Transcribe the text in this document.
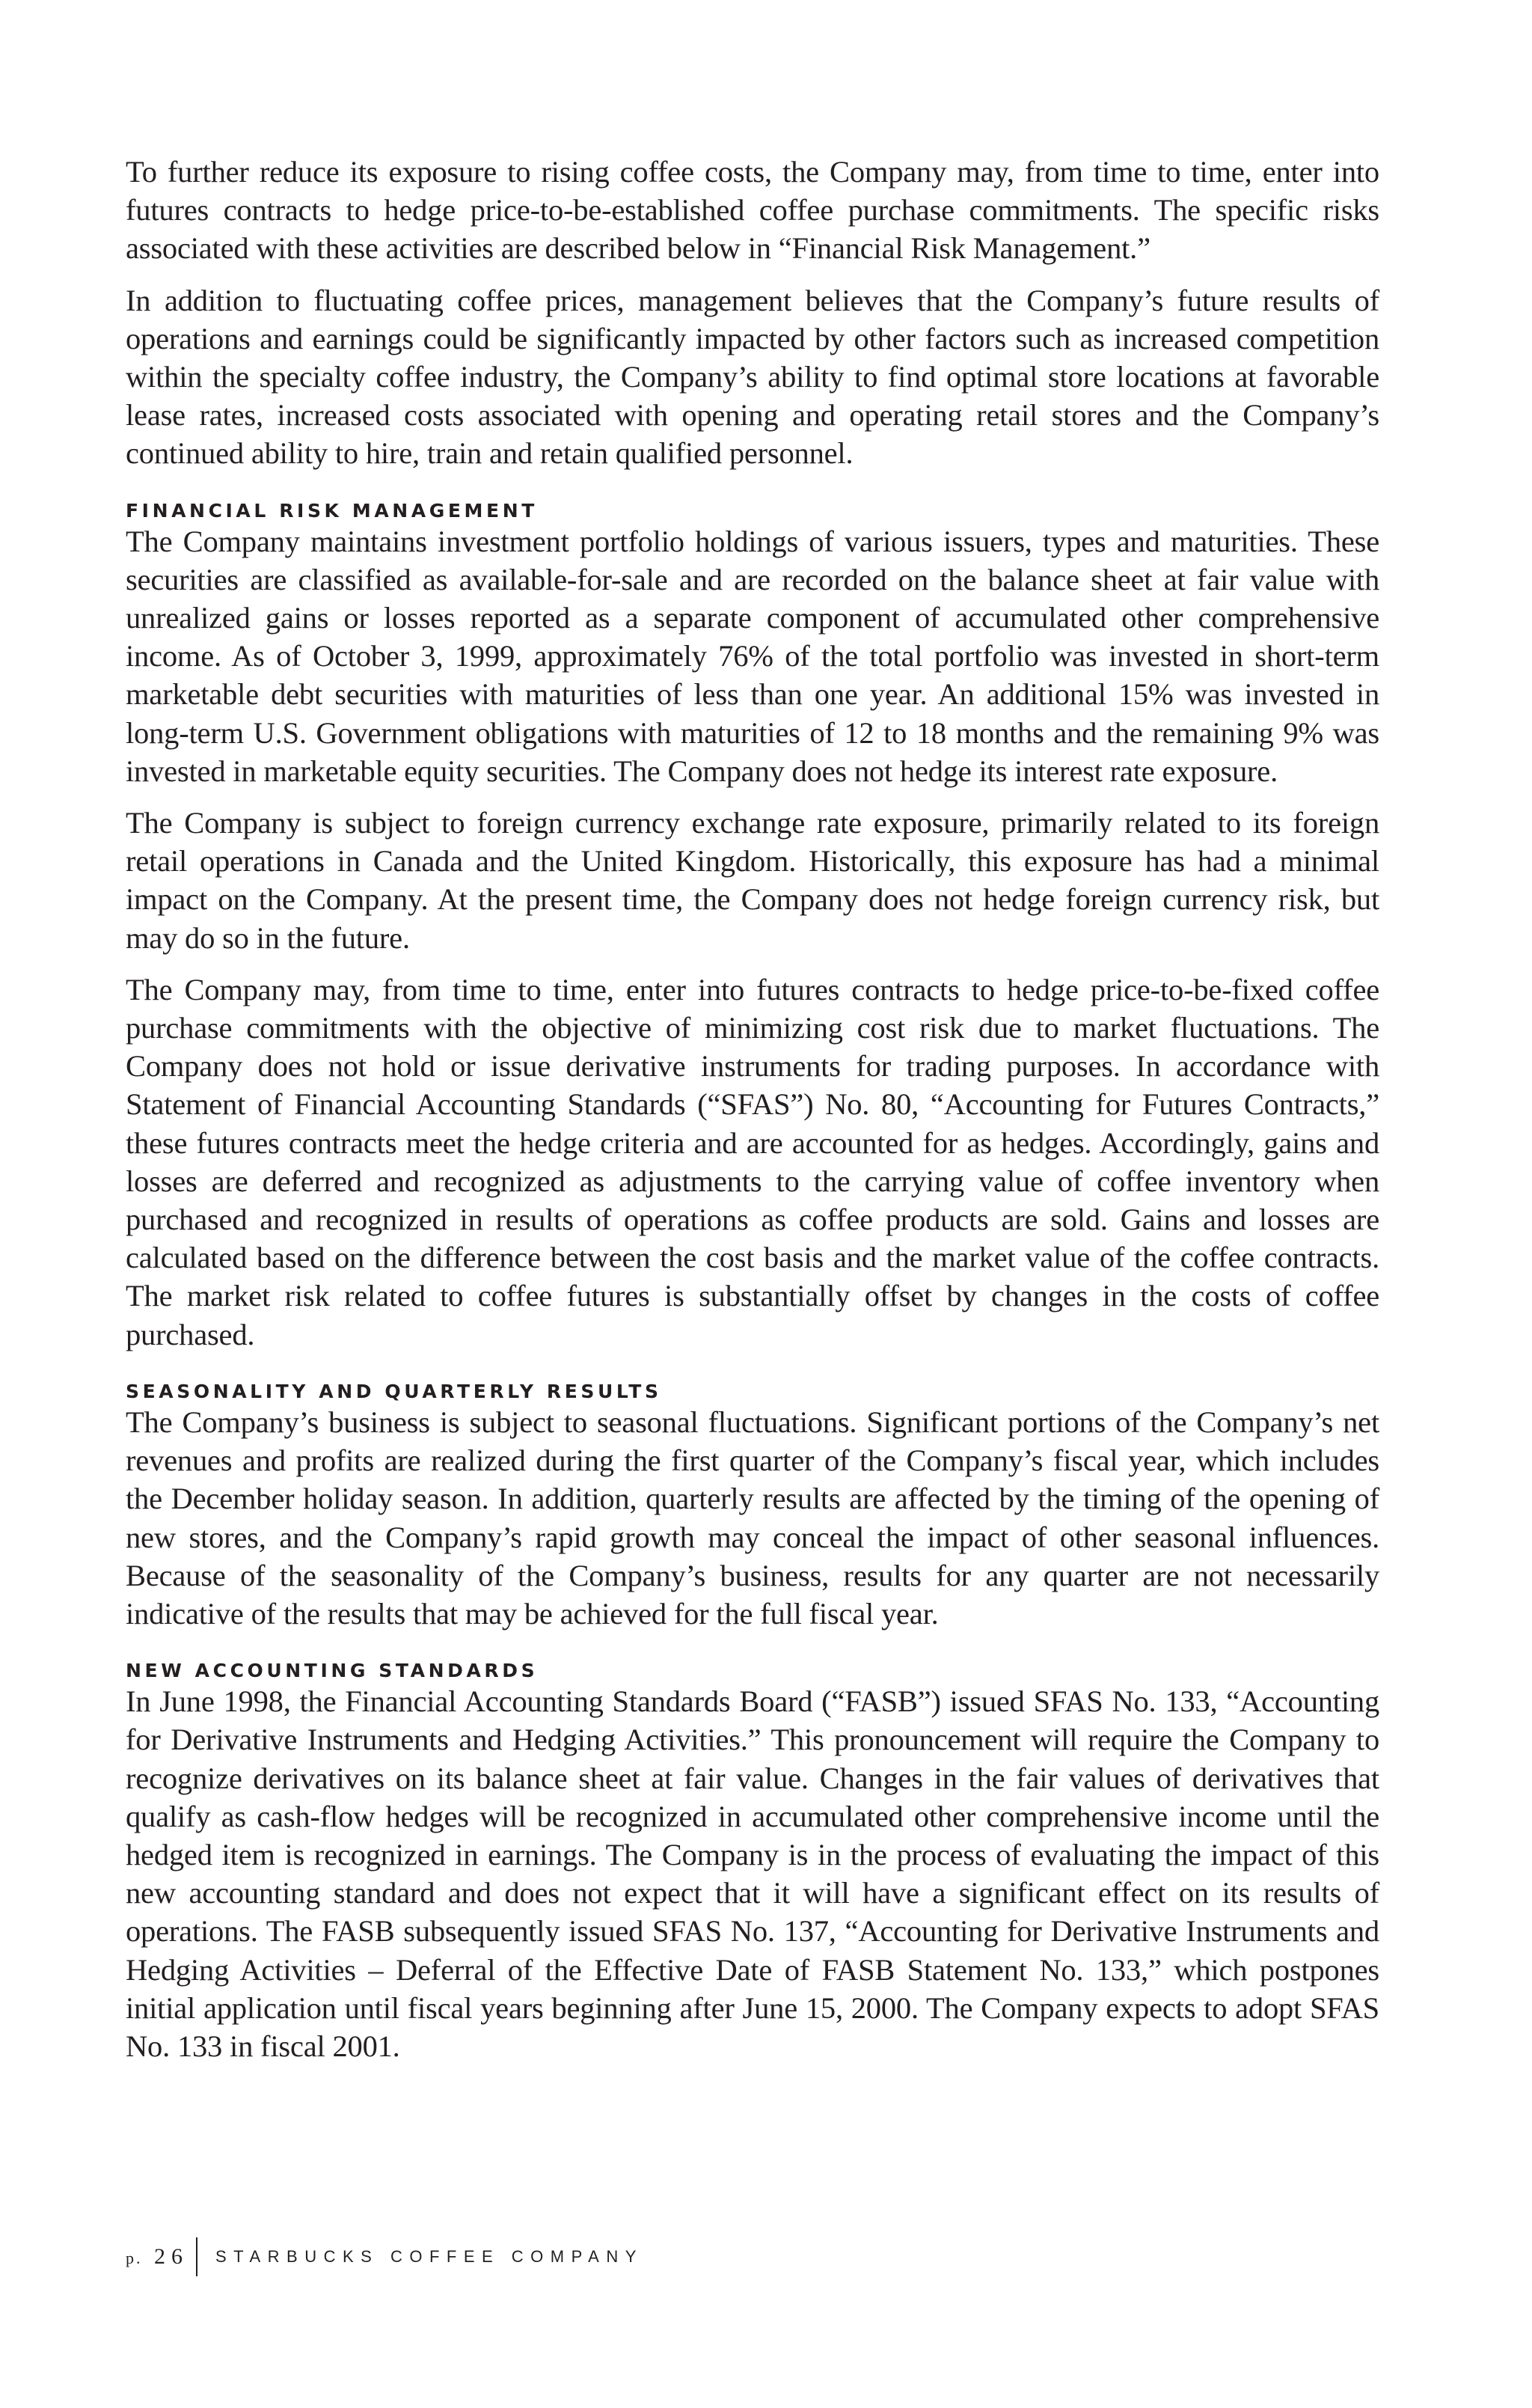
To further reduce its exposure to rising coffee costs, the Company may, from time to time, enter into futures contracts to hedge price-to-be-established coffee purchase commitments. The specific risks associated with these activities are described below in “Financial Risk Management.”

In addition to fluctuating coffee prices, management believes that the Company’s future results of operations and earnings could be significantly impacted by other factors such as increased competition within the specialty coffee industry, the Company’s ability to find optimal store locations at favorable lease rates, increased costs associated with opening and operating retail stores and the Company’s continued ability to hire, train and retain qualified personnel.

FINANCIAL RISK MANAGEMENT

The Company maintains investment portfolio holdings of various issuers, types and maturities. These securities are classified as available-for-sale and are recorded on the balance sheet at fair value with unrealized gains or losses reported as a separate component of accumulated other comprehensive income. As of October 3, 1999, approximately 76% of the total portfolio was invested in short-term marketable debt securities with maturities of less than one year. An additional 15% was invested in long-term U.S. Government obligations with maturities of 12 to 18 months and the remaining 9% was invested in marketable equity securities. The Company does not hedge its interest rate exposure.

The Company is subject to foreign currency exchange rate exposure, primarily related to its foreign retail operations in Canada and the United Kingdom. Historically, this exposure has had a minimal impact on the Company. At the present time, the Company does not hedge foreign currency risk, but may do so in the future.

The Company may, from time to time, enter into futures contracts to hedge price-to-be-fixed coffee purchase commitments with the objective of minimizing cost risk due to market fluctuations. The Company does not hold or issue derivative instruments for trading purposes. In accordance with Statement of Financial Accounting Standards (“SFAS”) No. 80, “Accounting for Futures Contracts,” these futures contracts meet the hedge criteria and are accounted for as hedges. Accordingly, gains and losses are deferred and recognized as adjustments to the carrying value of coffee inventory when purchased and recognized in results of operations as coffee products are sold. Gains and losses are calculated based on the difference between the cost basis and the market value of the coffee contracts. The market risk related to coffee futures is substantially offset by changes in the costs of coffee purchased.

SEASONALITY AND QUARTERLY RESULTS

The Company’s business is subject to seasonal fluctuations. Significant portions of the Company’s net revenues and profits are realized during the first quarter of the Company’s fiscal year, which includes the December holiday season. In addition, quarterly results are affected by the timing of the opening of new stores, and the Company’s rapid growth may conceal the impact of other seasonal influences. Because of the seasonality of the Company’s business, results for any quarter are not necessarily indicative of the results that may be achieved for the full fiscal year.

NEW ACCOUNTING STANDARDS

In June 1998, the Financial Accounting Standards Board (“FASB”) issued SFAS No. 133, “Accounting for Derivative Instruments and Hedging Activities.” This pronouncement will require the Company to recognize derivatives on its balance sheet at fair value. Changes in the fair values of derivatives that qualify as cash-flow hedges will be recognized in accumulated other comprehensive income until the hedged item is recognized in earnings. The Company is in the process of evaluating the impact of this new accounting standard and does not expect that it will have a significant effect on its results of operations. The FASB subsequently issued SFAS No. 137, “Accounting for Derivative Instruments and Hedging Activities – Deferral of the Effective Date of FASB Statement No. 133,” which postpones initial application until fiscal years beginning after June 15, 2000. The Company expects to adopt SFAS No. 133 in fiscal 2001.

p. 26 STARBUCKS COFFEE COMPANY
